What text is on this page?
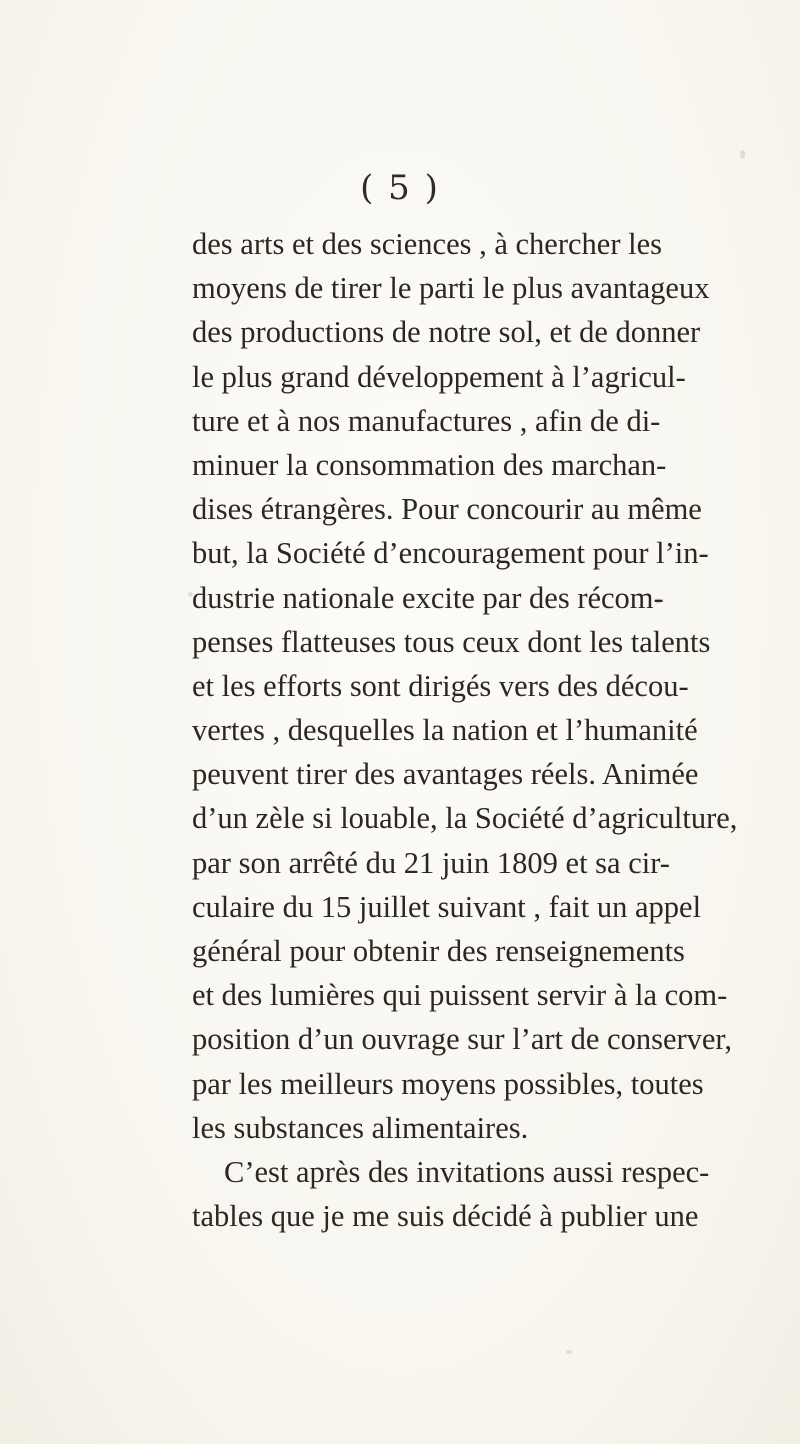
( 5 )
des arts et des sciences , à chercher les
moyens de tirer le parti le plus avantageux
des productions de notre sol, et de donner
le plus grand développement à l’agricul-
ture et à nos manufactures , afin de di-
minuer la consommation des marchan-
dises étrangères. Pour concourir au même
but, la Société d’encouragement pour l’in-
dustrie nationale excite par des récom-
penses flatteuses tous ceux dont les talents
et les efforts sont dirigés vers des décou-
vertes , desquelles la nation et l’humanité
peuvent tirer des avantages réels. Animée
d’un zèle si louable, la Société d’agriculture,
par son arrêté du 21 juin 1809 et sa cir-
culaire du 15 juillet suivant , fait un appel
général pour obtenir des renseignements
et des lumières qui puissent servir à la com-
position d’un ouvrage sur l’art de conserver,
par les meilleurs moyens possibles, toutes
les substances alimentaires.
C’est après des invitations aussi respec-
tables que je me suis décidé à publier une
